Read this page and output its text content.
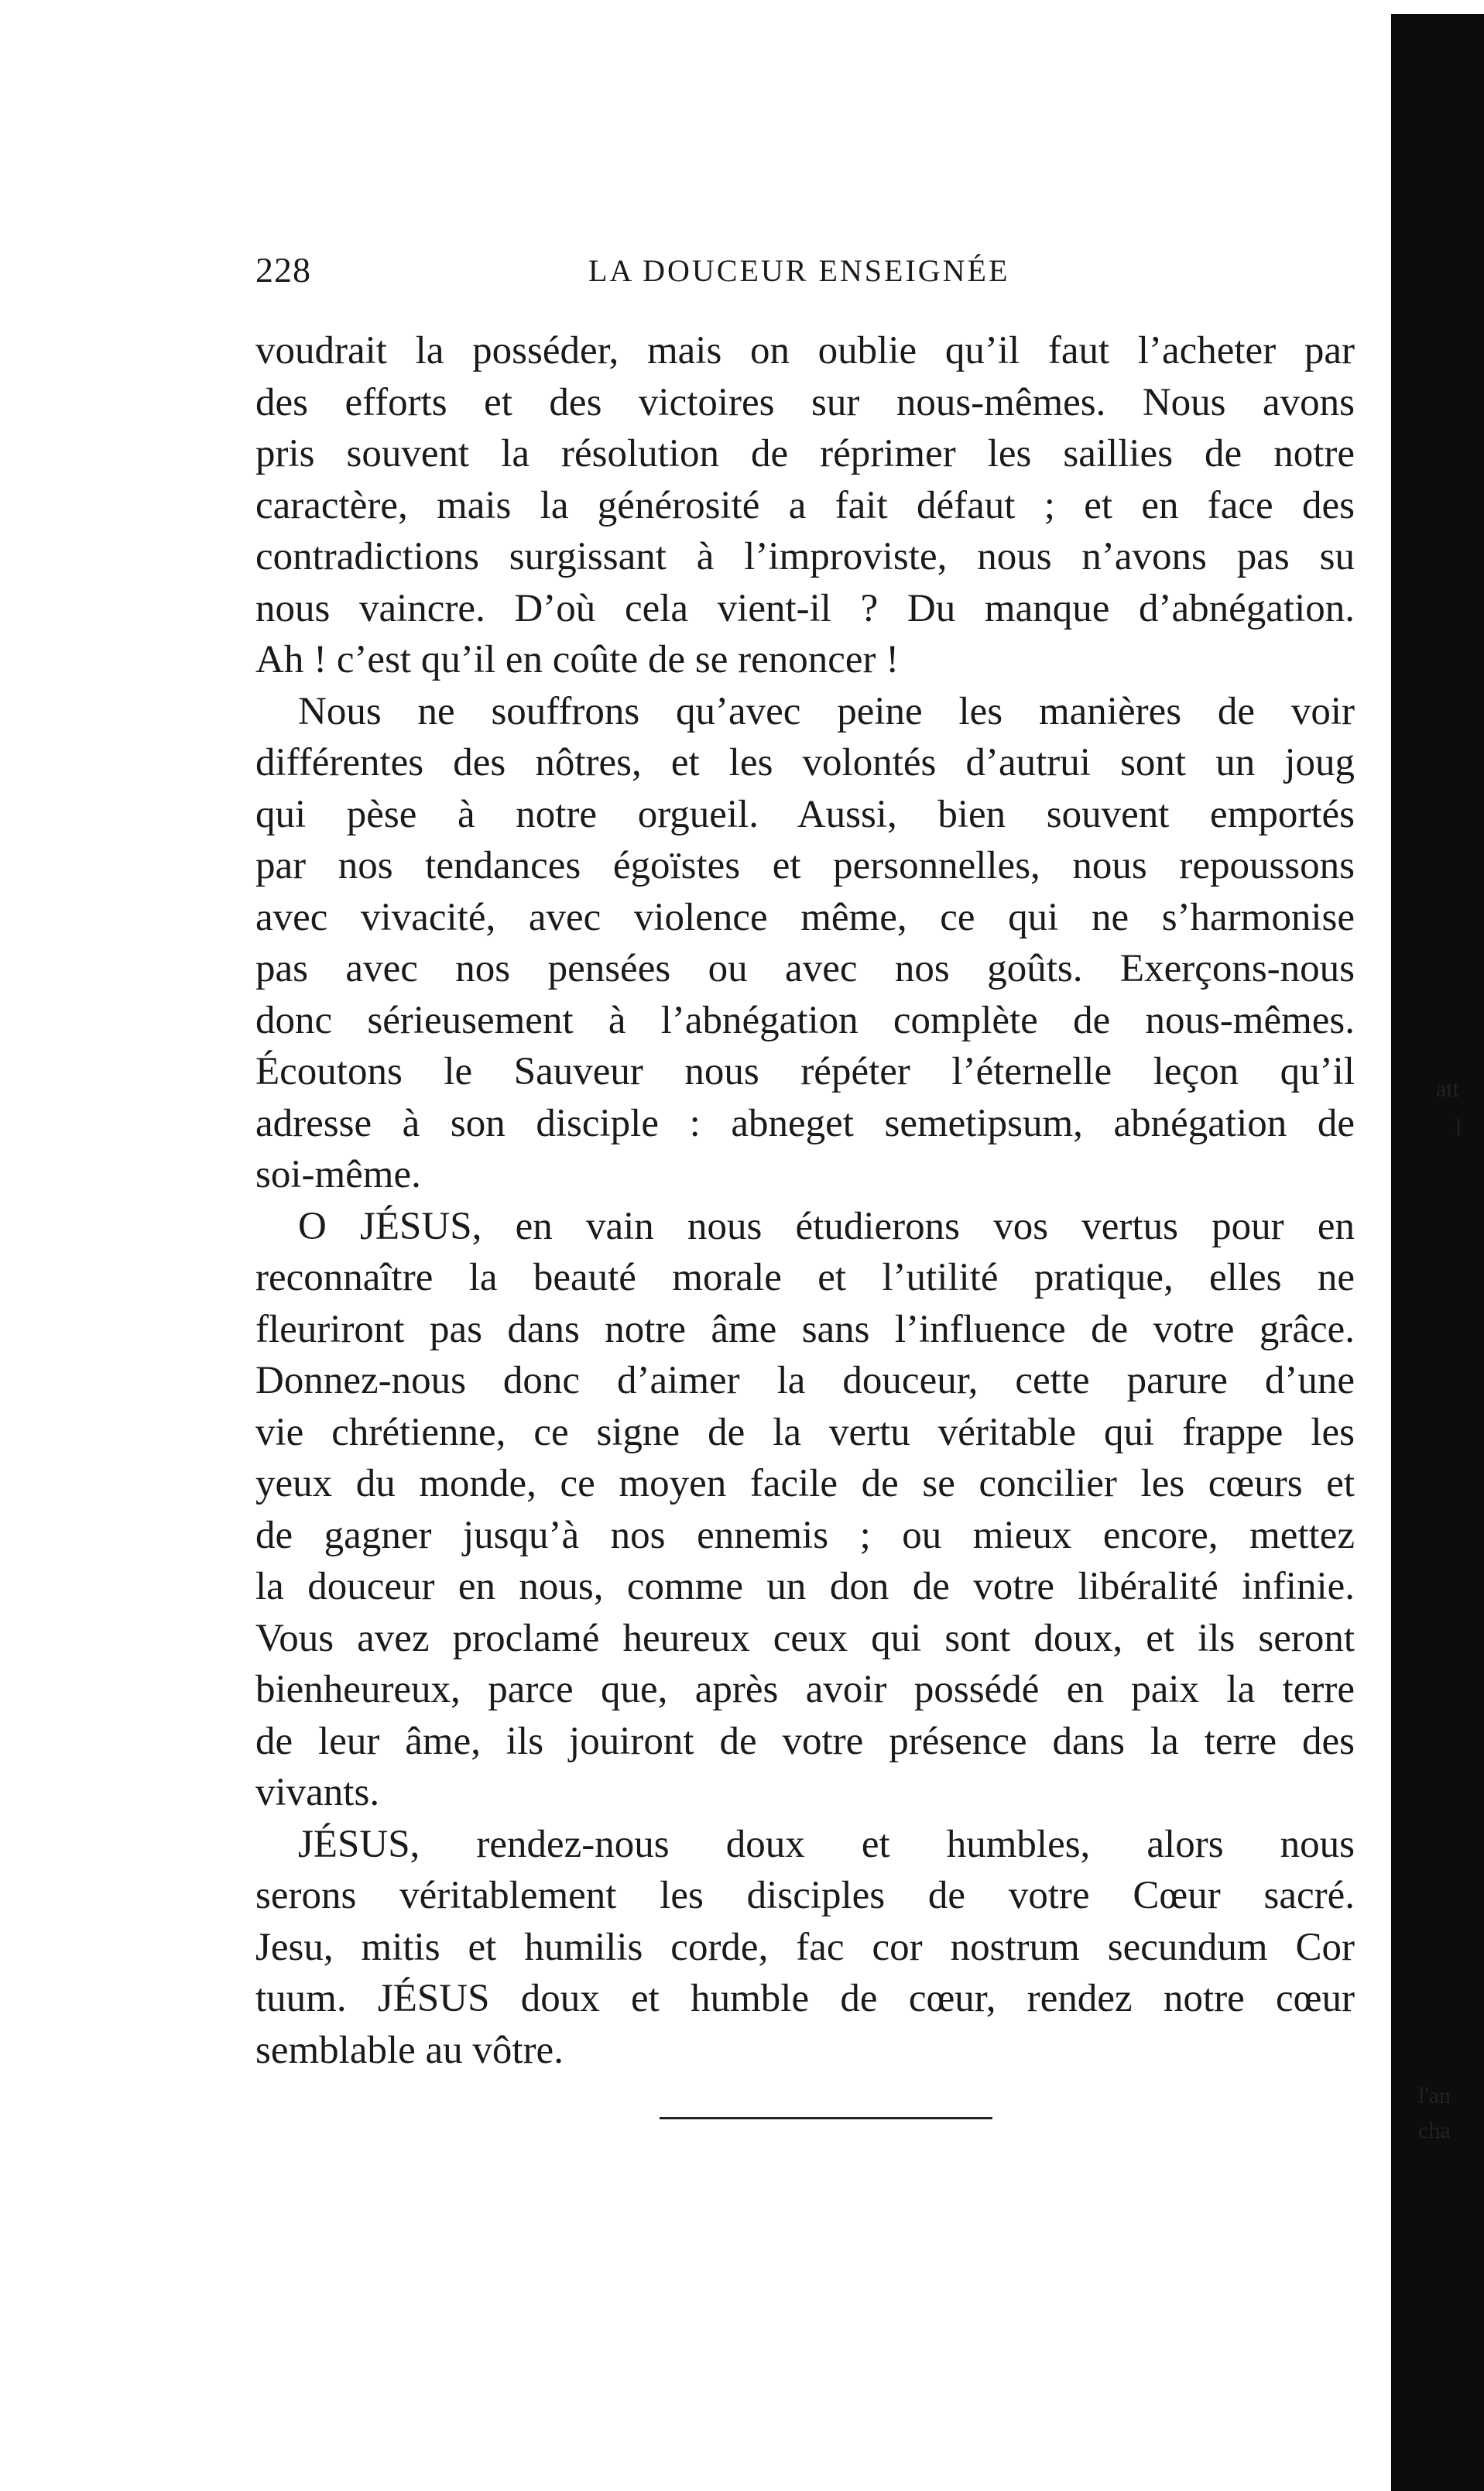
228	LA DOUCEUR ENSEIGNÉE
voudrait la posséder, mais on oublie qu’il faut l’acheter par
des efforts et des victoires sur nous-mêmes. Nous avons
pris souvent la résolution de réprimer les saillies de notre
caractère, mais la générosité a fait défaut ; et en face des
contradictions surgissant à l’improviste, nous n’avons pas su
nous vaincre. D’où cela vient-il ? Du manque d’abnégation.
Ah ! c’est qu’il en coûte de se renoncer !
Nous ne souffrons qu’avec peine les manières de voir
différentes des nôtres, et les volontés d’autrui sont un joug
qui pèse à notre orgueil. Aussi, bien souvent emportés
par nos tendances égoïstes et personnelles, nous repoussons
avec vivacité, avec violence même, ce qui ne s’harmonise
pas avec nos pensées ou avec nos goûts. Exerçons-nous
donc sérieusement à l’abnégation complète de nous-mêmes.
Écoutons le Sauveur nous répéter l’éternelle leçon qu’il
adresse à son disciple : abneget semetipsum, abnégation de
soi-même.
O JÉSUS, en vain nous étudierons vos vertus pour en
reconnaître la beauté morale et l’utilité pratique, elles ne
fleuriront pas dans notre âme sans l’influence de votre grâce.
Donnez-nous donc d’aimer la douceur, cette parure d’une
vie chrétienne, ce signe de la vertu véritable qui frappe les
yeux du monde, ce moyen facile de se concilier les cœurs et
de gagner jusqu’à nos ennemis ; ou mieux encore, mettez
la douceur en nous, comme un don de votre libéralité infinie.
Vous avez proclamé heureux ceux qui sont doux, et ils seront
bienheureux, parce que, après avoir possédé en paix la terre
de leur âme, ils jouiront de votre présence dans la terre des
vivants.
JÉSUS, rendez-nous doux et humbles, alors nous
serons véritablement les disciples de votre Cœur sacré.
Jesu, mitis et humilis corde, fac cor nostrum secundum Cor
tuum. JÉSUS doux et humble de cœur, rendez notre cœur
semblable au vôtre.
att
l
l'an
cha
